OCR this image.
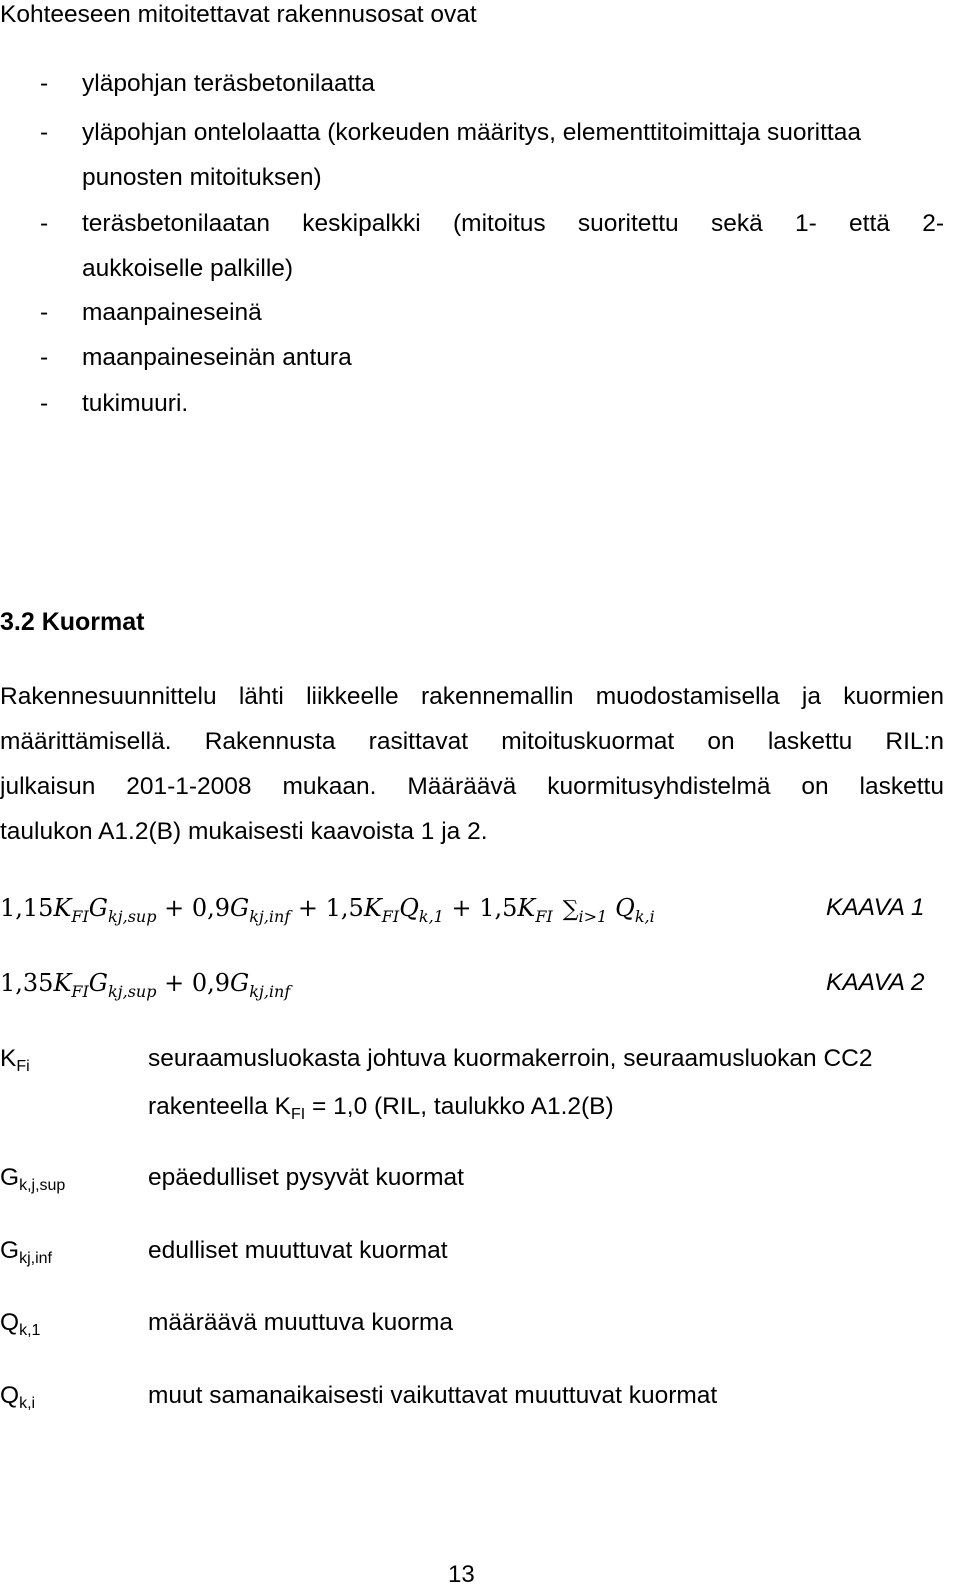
Kohteeseen mitoitettavat rakennusosat ovat
- yläpohjan teräsbetonilaatta
- yläpohjan ontelolaatta (korkeuden määritys, elementtitoimittaja suorittaa
punosten mitoituksen)
- teräsbetonilaatan keskipalkki (mitoitus suoritettu sekä 1- että 2-
aukkoiselle palkille)
- maanpaineseinä
- maanpaineseinän antura
- tukimuuri.
3.2 Kuormat
Rakennesuunnittelu lähti liikkeelle rakennemallin muodostamisella ja kuormien
määrittämisellä. Rakennusta rasittavat mitoituskuormat on laskettu RIL:n
julkaisun 201-1-2008 mukaan. Määräävä kuormitusyhdistelmä on laskettu
taulukon A1.2(B) mukaisesti kaavoista 1 ja 2.
$1,15K_{FI}G_{kj,sup} + 0,9G_{kj,inf} + 1,5K_{FI}Q_{k,1} + 1,5K_{FI}$ $\sum_{i>1}$ $Q_{k,i}$	KAAVA 1
$1,35K_{FI}G_{kj,sup} + 0,9G_{kj,inf}$	KAAVA 2
$K_{Fi}$	seuraamusluokasta johtuva kuormakerroin, seuraamusluokan CC2
rakenteella $K_{FI} = 1,0$ (RIL, taulukko A1.2(B)
$G_{k,j,sup}$	epäedulliset pysyvät kuormat
$G_{kj,inf}$	edulliset muuttuvat kuormat
$Q_{k,1}$	määräävä muuttuva kuorma
$Q_{k,i}$	muut samanaikaisesti vaikuttavat muuttuvat kuormat
13
